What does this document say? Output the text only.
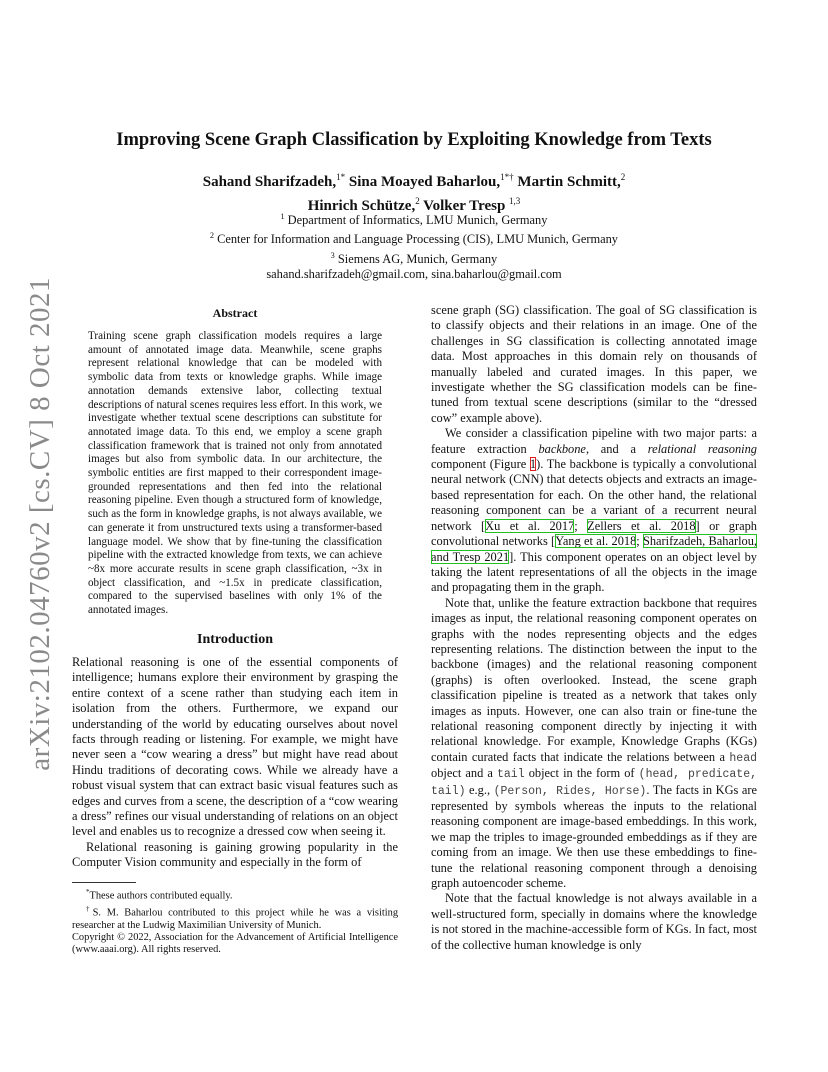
arXiv:2102.04760v2 [cs.CV] 8 Oct 2021
Improving Scene Graph Classification by Exploiting Knowledge from Texts
Sahand Sharifzadeh,$^{1*}$ Sina Moayed Baharlou,$^{1*\dagger}$ Martin Schmitt,$^2$
Hinrich Schütze,$^2$ Volker Tresp $^{1,3}$
$^1$ Department of Informatics, LMU Munich, Germany
$^2$ Center for Information and Language Processing (CIS), LMU Munich, Germany
$^3$ Siemens AG, Munich, Germany
sahand.sharifzadeh@gmail.com, sina.baharlou@gmail.com
Abstract
Training scene graph classification models requires a large amount of annotated image data. Meanwhile, scene graphs represent relational knowledge that can be modeled with symbolic data from texts or knowledge graphs. While image annotation demands extensive labor, collecting textual descriptions of natural scenes requires less effort. In this work, we investigate whether textual scene descriptions can substitute for annotated image data. To this end, we employ a scene graph classification framework that is trained not only from annotated images but also from symbolic data. In our architecture, the symbolic entities are first mapped to their correspondent image-grounded representations and then fed into the relational reasoning pipeline. Even though a structured form of knowledge, such as the form in knowledge graphs, is not always available, we can generate it from unstructured texts using a transformer-based language model. We show that by fine-tuning the classification pipeline with the extracted knowledge from texts, we can achieve ~8x more accurate results in scene graph classification, ~3x in object classification, and ~1.5x in predicate classification, compared to the supervised baselines with only 1% of the annotated images.
Introduction

Relational reasoning is one of the essential components of intelligence; humans explore their environment by grasping the entire context of a scene rather than studying each item in isolation from the others. Furthermore, we expand our understanding of the world by educating ourselves about novel facts through reading or listening. For example, we might have never seen a “cow wearing a dress” but might have read about Hindu traditions of decorating cows. While we already have a robust visual system that can extract basic visual features such as edges and curves from a scene, the description of a “cow wearing a dress” refines our visual understanding of relations on an object level and enables us to recognize a dressed cow when seeing it.

Relational reasoning is gaining growing popularity in the Computer Vision community and especially in the form of

*These authors contributed equally.

†S. M. Baharlou contributed to this project while he was a visiting researcher at the Ludwig Maximilian University of Munich.

Copyright © 2022, Association for the Advancement of Artificial Intelligence (www.aaai.org). All rights reserved.

scene graph (SG) classification. The goal of SG classification is to classify objects and their relations in an image. One of the challenges in SG classification is collecting annotated image data. Most approaches in this domain rely on thousands of manually labeled and curated images. In this paper, we investigate whether the SG classification models can be fine-tuned from textual scene descriptions (similar to the “dressed cow” example above).

We consider a classification pipeline with two major parts: a feature extraction backbone, and a relational reasoning component (Figure 1). The backbone is typically a convolutional neural network (CNN) that detects objects and extracts an image-based representation for each. On the other hand, the relational reasoning component can be a variant of a recurrent neural network [Xu et al. 2017; Zellers et al. 2018] or graph convolutional networks [Yang et al. 2018; Sharifzadeh, Baharlou, and Tresp 2021]. This component operates on an object level by taking the latent representations of all the objects in the image and propagating them in the graph.

Note that, unlike the feature extraction backbone that requires images as input, the relational reasoning component operates on graphs with the nodes representing objects and the edges representing relations. The distinction between the input to the backbone (images) and the relational reasoning component (graphs) is often overlooked. Instead, the scene graph classification pipeline is treated as a network that takes only images as inputs. However, one can also train or fine-tune the relational reasoning component directly by injecting it with relational knowledge. For example, Knowledge Graphs (KGs) contain curated facts that indicate the relations between a head object and a tail object in the form of (head, predicate, tail) e.g., (Person, Rides, Horse). The facts in KGs are represented by symbols whereas the inputs to the relational reasoning component are image-based embeddings. In this work, we map the triples to image-grounded embeddings as if they are coming from an image. We then use these embeddings to fine-tune the relational reasoning component through a denoising graph autoencoder scheme.

Note that the factual knowledge is not always available in a well-structured form, specially in domains where the knowledge is not stored in the machine-accessible form of KGs. In fact, most of the collective human knowledge is only
